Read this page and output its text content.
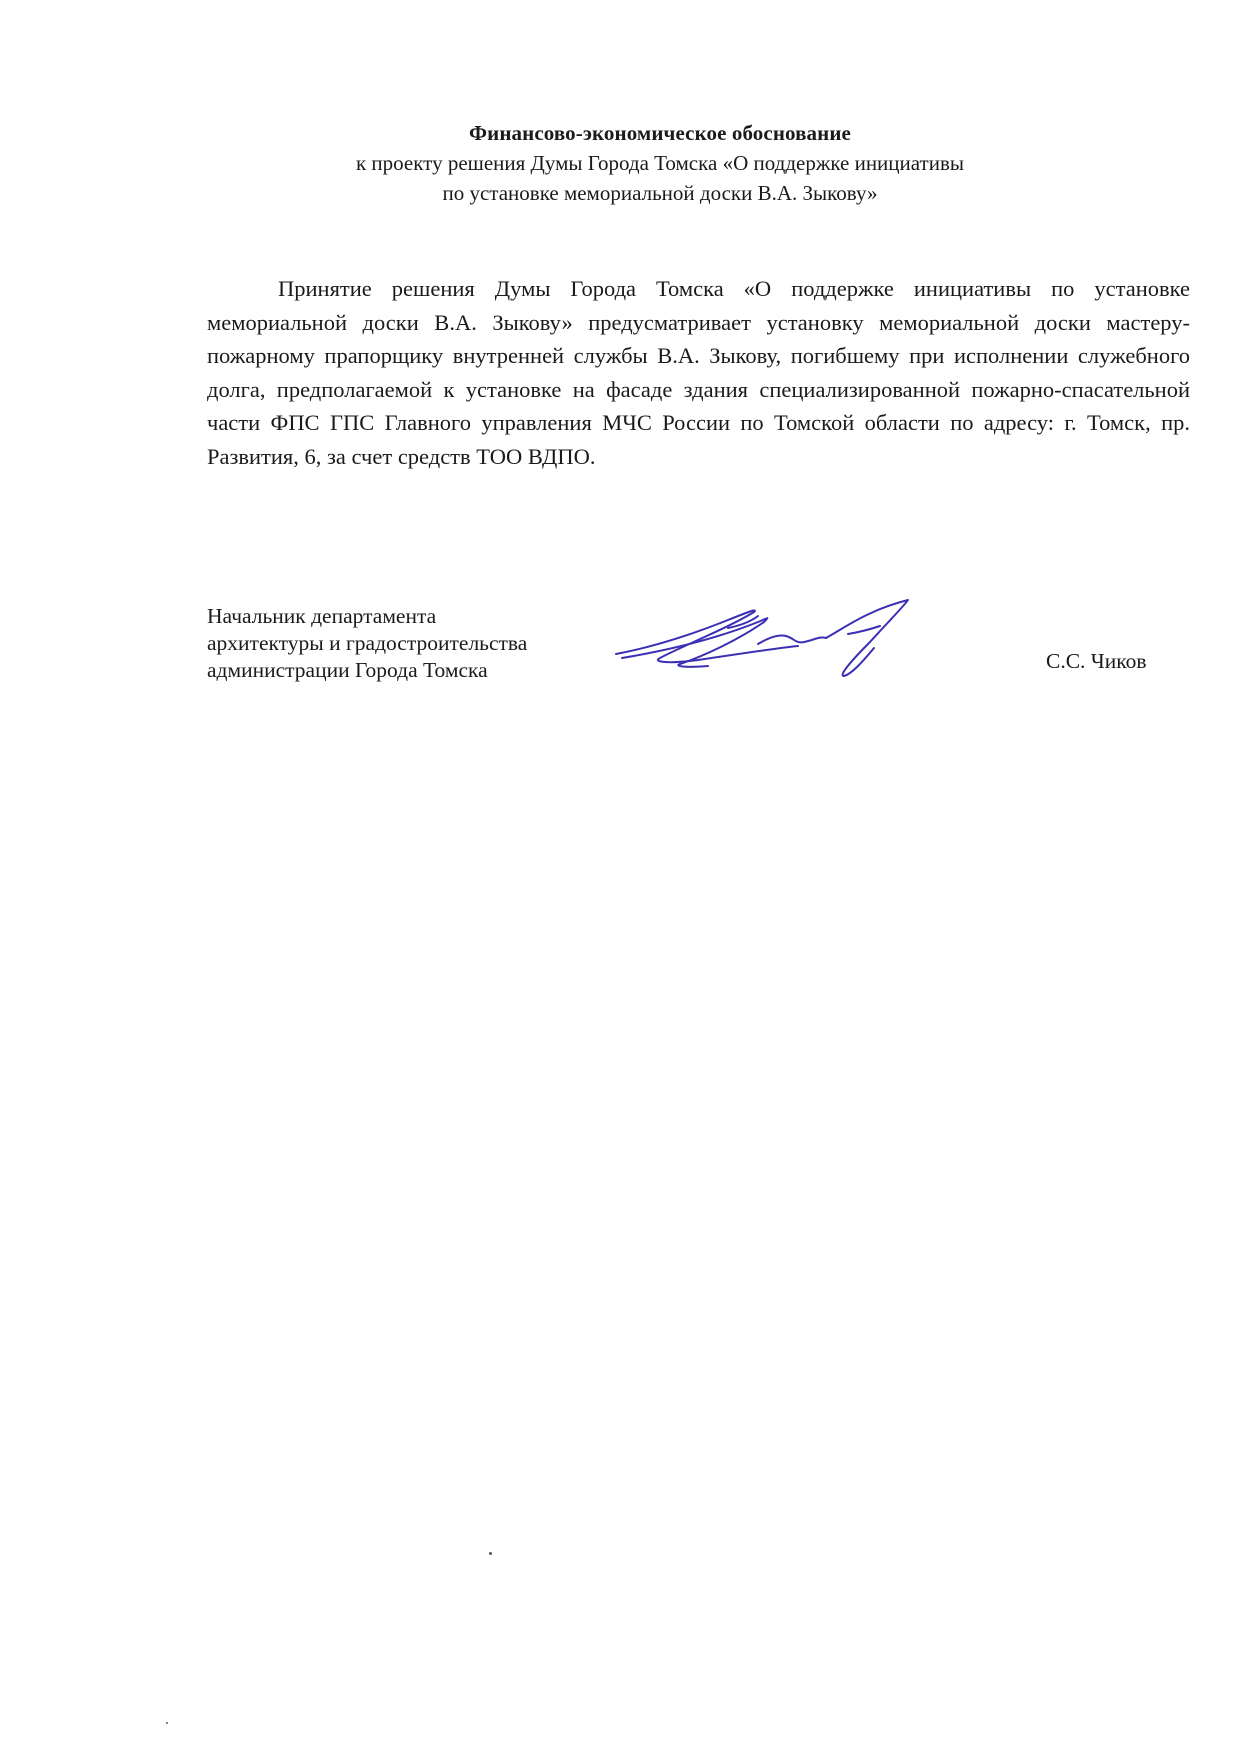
Финансово-экономическое обоснование
к проекту решения Думы Города Томска «О поддержке инициативы
по установке мемориальной доски В.А. Зыкову»
Принятие решения Думы Города Томска «О поддержке инициативы по установке мемориальной доски В.А. Зыкову» предусматривает установку мемориальной доски мастеру-пожарному прапорщику внутренней службы В.А. Зыкову, погибшему при исполнении служебного долга, предполагаемой к установке на фасаде здания специализированной пожарно-спасательной части ФПС ГПС Главного управления МЧС России по Томской области по адресу: г. Томск, пр. Развития, 6, за счет средств ТОО ВДПО.
Начальник департамента
архитектуры и градостроительства
администрации Города Томска	С.С. Чиков
